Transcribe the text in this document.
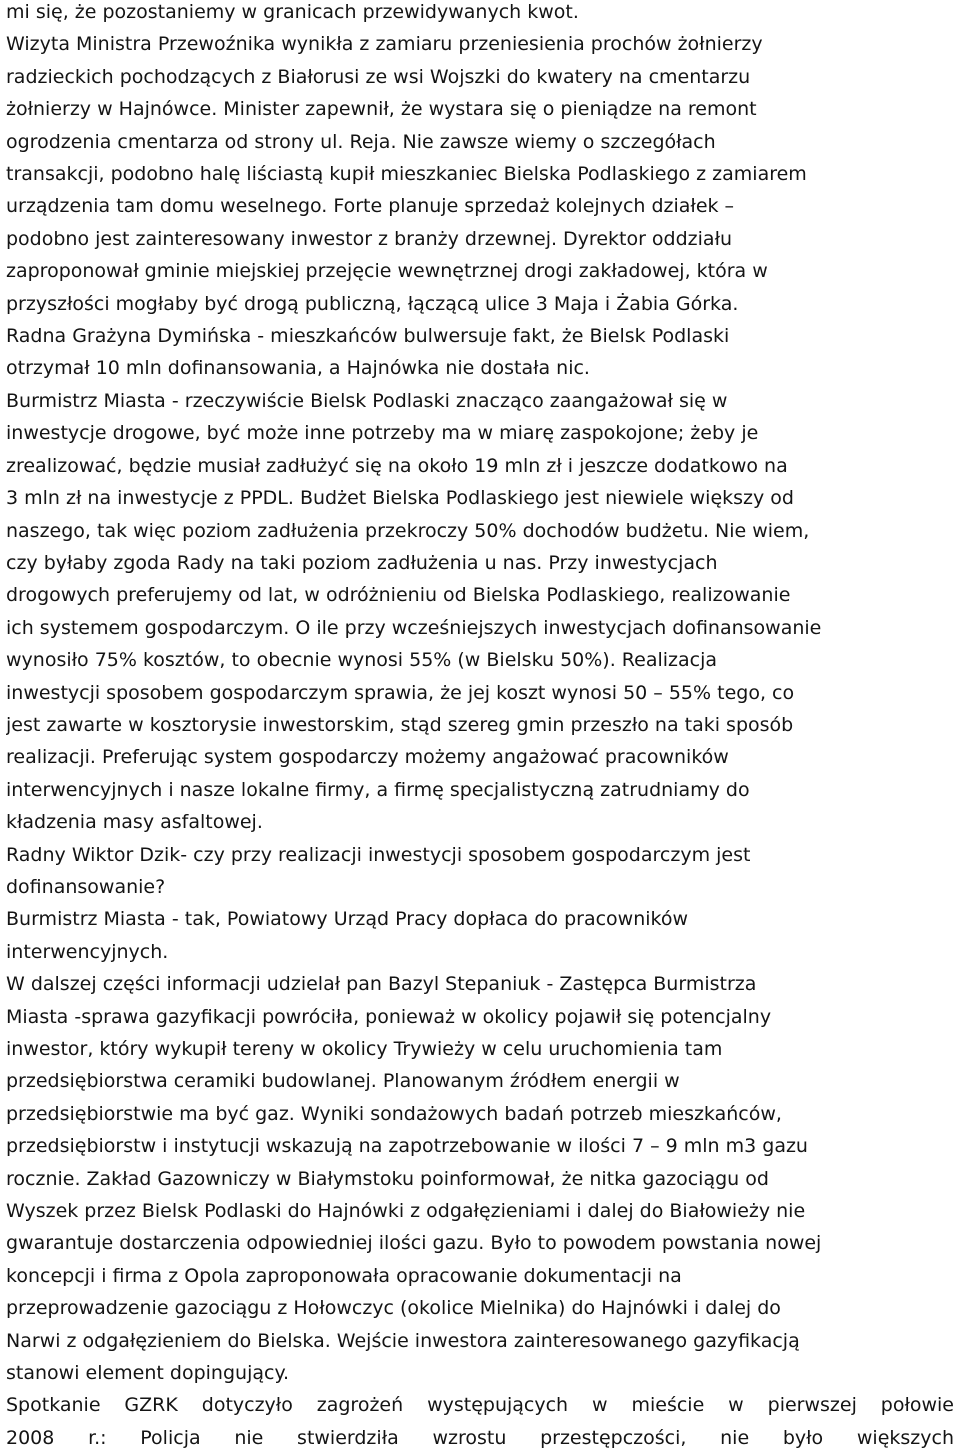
mi się, że pozostaniemy w granicach przewidywanych kwot.
Wizyta Ministra Przewoźnika wynikła z zamiaru przeniesienia prochów żołnierzy
radzieckich pochodzących z Białorusi ze wsi Wojszki do kwatery na cmentarzu
żołnierzy w Hajnówce. Minister zapewnił, że wystara się o pieniądze na remont
ogrodzenia cmentarza od strony ul. Reja. Nie zawsze wiemy o szczegółach
transakcji, podobno halę liściastą kupił mieszkaniec Bielska Podlaskiego z zamiarem
urządzenia tam domu weselnego. Forte planuje sprzedaż kolejnych działek –
podobno jest zainteresowany inwestor z branży drzewnej. Dyrektor oddziału
zaproponował gminie miejskiej przejęcie wewnętrznej drogi zakładowej, która w
przyszłości mogłaby być drogą publiczną, łączącą ulice 3 Maja i Żabia Górka.
Radna Grażyna Dymińska - mieszkańców bulwersuje fakt, że Bielsk Podlaski
otrzymał 10 mln dofinansowania, a Hajnówka nie dostała nic.
Burmistrz Miasta - rzeczywiście Bielsk Podlaski znacząco zaangażował się w
inwestycje drogowe, być może inne potrzeby ma w miarę zaspokojone; żeby je
zrealizować, będzie musiał zadłużyć się na około 19 mln zł i jeszcze dodatkowo na
3 mln zł na inwestycje z PPDL. Budżet Bielska Podlaskiego jest niewiele większy od
naszego, tak więc poziom zadłużenia przekroczy 50% dochodów budżetu. Nie wiem,
czy byłaby zgoda Rady na taki poziom zadłużenia u nas. Przy inwestycjach
drogowych preferujemy od lat, w odróżnieniu od Bielska Podlaskiego, realizowanie
ich systemem gospodarczym. O ile przy wcześniejszych inwestycjach dofinansowanie
wynosiło 75% kosztów, to obecnie wynosi 55% (w Bielsku 50%). Realizacja
inwestycji sposobem gospodarczym sprawia, że jej koszt wynosi 50 – 55% tego, co
jest zawarte w kosztorysie inwestorskim, stąd szereg gmin przeszło na taki sposób
realizacji. Preferując system gospodarczy możemy angażować pracowników
interwencyjnych i nasze lokalne firmy, a firmę specjalistyczną zatrudniamy do
kładzenia masy asfaltowej.
Radny Wiktor Dzik- czy przy realizacji inwestycji sposobem gospodarczym jest
dofinansowanie?
Burmistrz Miasta - tak, Powiatowy Urząd Pracy dopłaca do pracowników
interwencyjnych.
W dalszej części informacji udzielał pan Bazyl Stepaniuk - Zastępca Burmistrza
Miasta -sprawa gazyfikacji powróciła, ponieważ w okolicy pojawił się potencjalny
inwestor, który wykupił tereny w okolicy Trywieży w celu uruchomienia tam
przedsiębiorstwa ceramiki budowlanej. Planowanym źródłem energii w
przedsiębiorstwie ma być gaz. Wyniki sondażowych badań potrzeb mieszkańców,
przedsiębiorstw i instytucji wskazują na zapotrzebowanie w ilości 7 – 9 mln m3 gazu
rocznie. Zakład Gazowniczy w Białymstoku poinformował, że nitka gazociągu od
Wyszek przez Bielsk Podlaski do Hajnówki z odgałęzieniami i dalej do Białowieży nie
gwarantuje dostarczenia odpowiedniej ilości gazu. Było to powodem powstania nowej
koncepcji i firma z Opola zaproponowała opracowanie dokumentacji na
przeprowadzenie gazociągu z Hołowczyc (okolice Mielnika) do Hajnówki i dalej do
Narwi z odgałęzieniem do Bielska. Wejście inwestora zainteresowanego gazyfikacją
stanowi element dopingujący.
Spotkanie GZRK dotyczyło zagrożeń występujących w mieście w pierwszej połowie
2008 r.: Policja nie stwierdziła wzrostu przestępczości, nie było większych
